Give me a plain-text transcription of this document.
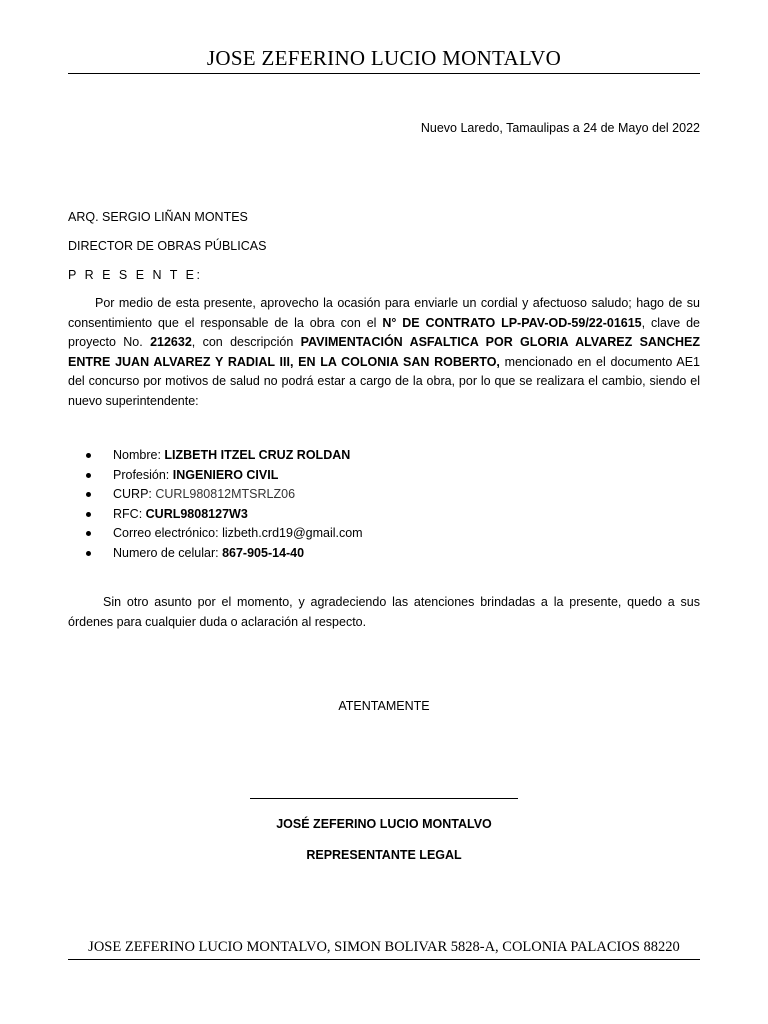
JOSE ZEFERINO LUCIO MONTALVO
Nuevo Laredo, Tamaulipas a 24 de Mayo del 2022
ARQ. SERGIO LIÑAN MONTES
DIRECTOR DE OBRAS PÚBLICAS
P R E S E N T E:
Por medio de esta presente, aprovecho la ocasión para enviarle un cordial y afectuoso saludo; hago de su consentimiento que el responsable de la obra con el N° DE CONTRATO LP-PAV-OD-59/22-01615, clave de proyecto No. 212632, con descripción PAVIMENTACIÓN ASFALTICA POR GLORIA ALVAREZ SANCHEZ ENTRE JUAN ALVAREZ Y RADIAL III, EN LA COLONIA SAN ROBERTO, mencionado en el documento AE1 del concurso por motivos de salud no podrá estar a cargo de la obra, por lo que se realizara el cambio, siendo el nuevo superintendente:
Nombre: LIZBETH ITZEL CRUZ ROLDAN
Profesión: INGENIERO CIVIL
CURP: CURL980812MTSRLZ06
RFC: CURL9808127W3
Correo electrónico: lizbeth.crd19@gmail.com
Numero de celular: 867-905-14-40
Sin otro asunto por el momento, y agradeciendo las atenciones brindadas a la presente, quedo a sus órdenes para cualquier duda o aclaración al respecto.
ATENTAMENTE
JOSÉ ZEFERINO LUCIO MONTALVO
REPRESENTANTE LEGAL
JOSE ZEFERINO LUCIO MONTALVO, SIMON BOLIVAR 5828-A, COLONIA PALACIOS 88220
